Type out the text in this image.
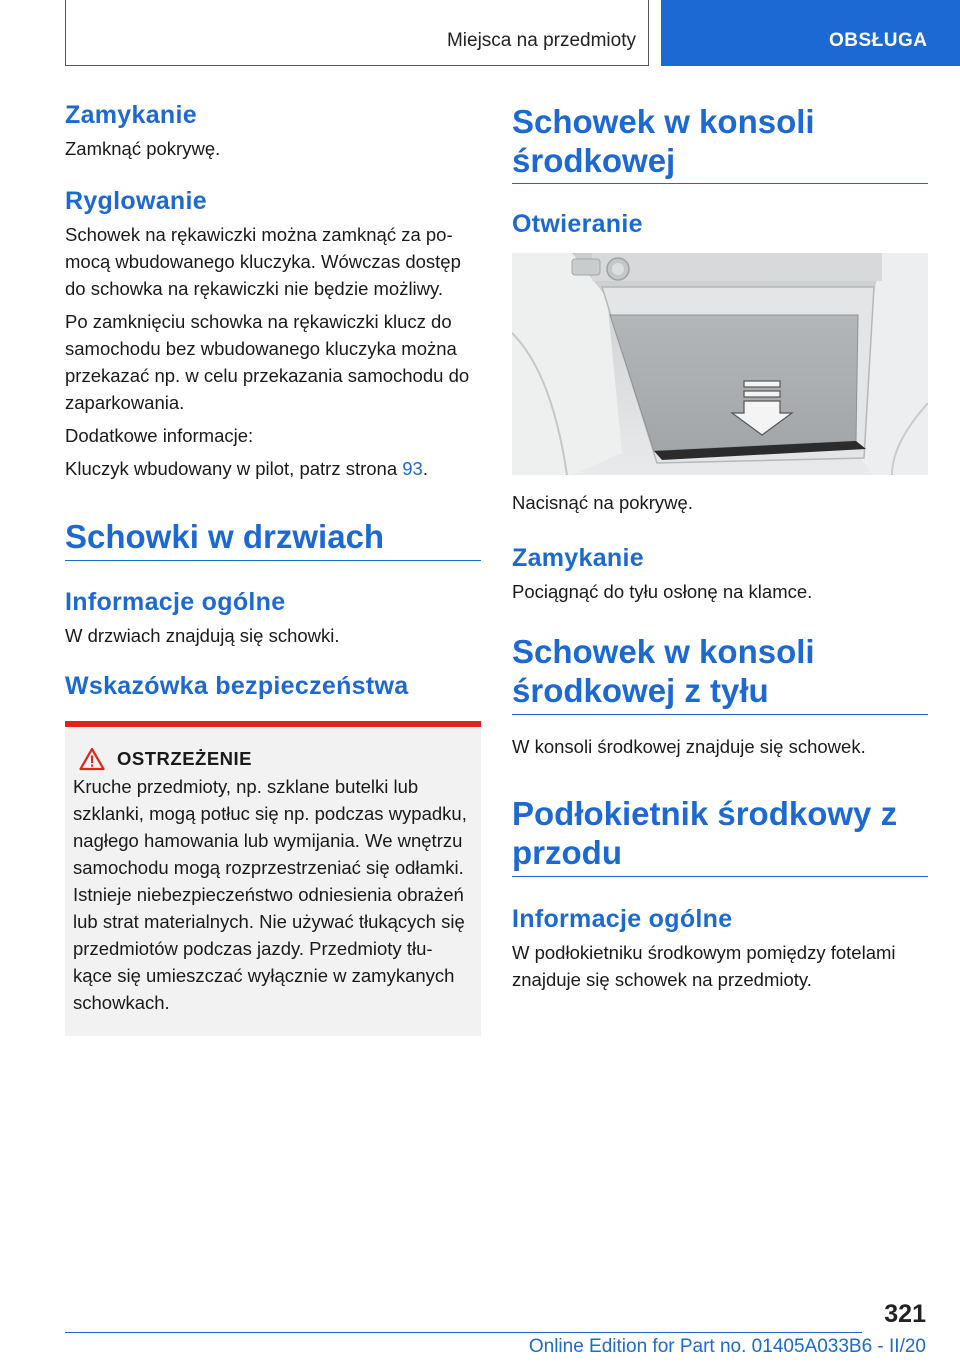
Miejsca na przedmioty	OBSŁUGA
Zamykanie

Zamknąć pokrywę.

Ryglowanie

Schowek na rękawiczki można zamknąć za po-
mocą wbudowanego kluczyka. Wówczas dostęp
do schowka na rękawiczki nie będzie możliwy.

Po zamknięciu schowka na rękawiczki klucz do
samochodu bez wbudowanego kluczyka można
przekazać np. w celu przekazania samochodu do
zaparkowania.

Dodatkowe informacje:

Kluczyk wbudowany w pilot, patrz strona 93.

Schowki w drzwiach
Informacje ogólne

W drzwiach znajdują się schowki.

Wskazówka bezpieczeństwa
OSTRZEŻENIE

Kruche przedmioty, np. szklane butelki lub
szklanki, mogą potłuc się np. podczas wypadku,
nagłego hamowania lub wymijania. We wnętrzu
samochodu mogą rozprzestrzeniać się odłamki.
Istnieje niebezpieczeństwo odniesienia obrażeń
lub strat materialnych. Nie używać tłukących się
przedmiotów podczas jazdy. Przedmioty tłu-
kące się umieszczać wyłącznie w zamykanych
schowkach.

Schowek w konsoli
środkowej
Otwieranie

Nacisnąć na pokrywę.

Zamykanie

Pociągnąć do tyłu osłonę na klamce.

Schowek w konsoli
środkowej z tyłu

W konsoli środkowej znajduje się schowek.

Podłokietnik środkowy z
przodu
Informacje ogólne

W podłokietniku środkowym pomiędzy fotelami
znajduje się schowek na przedmioty.

321
Online Edition for Part no. 01405A033B6 - II/20
